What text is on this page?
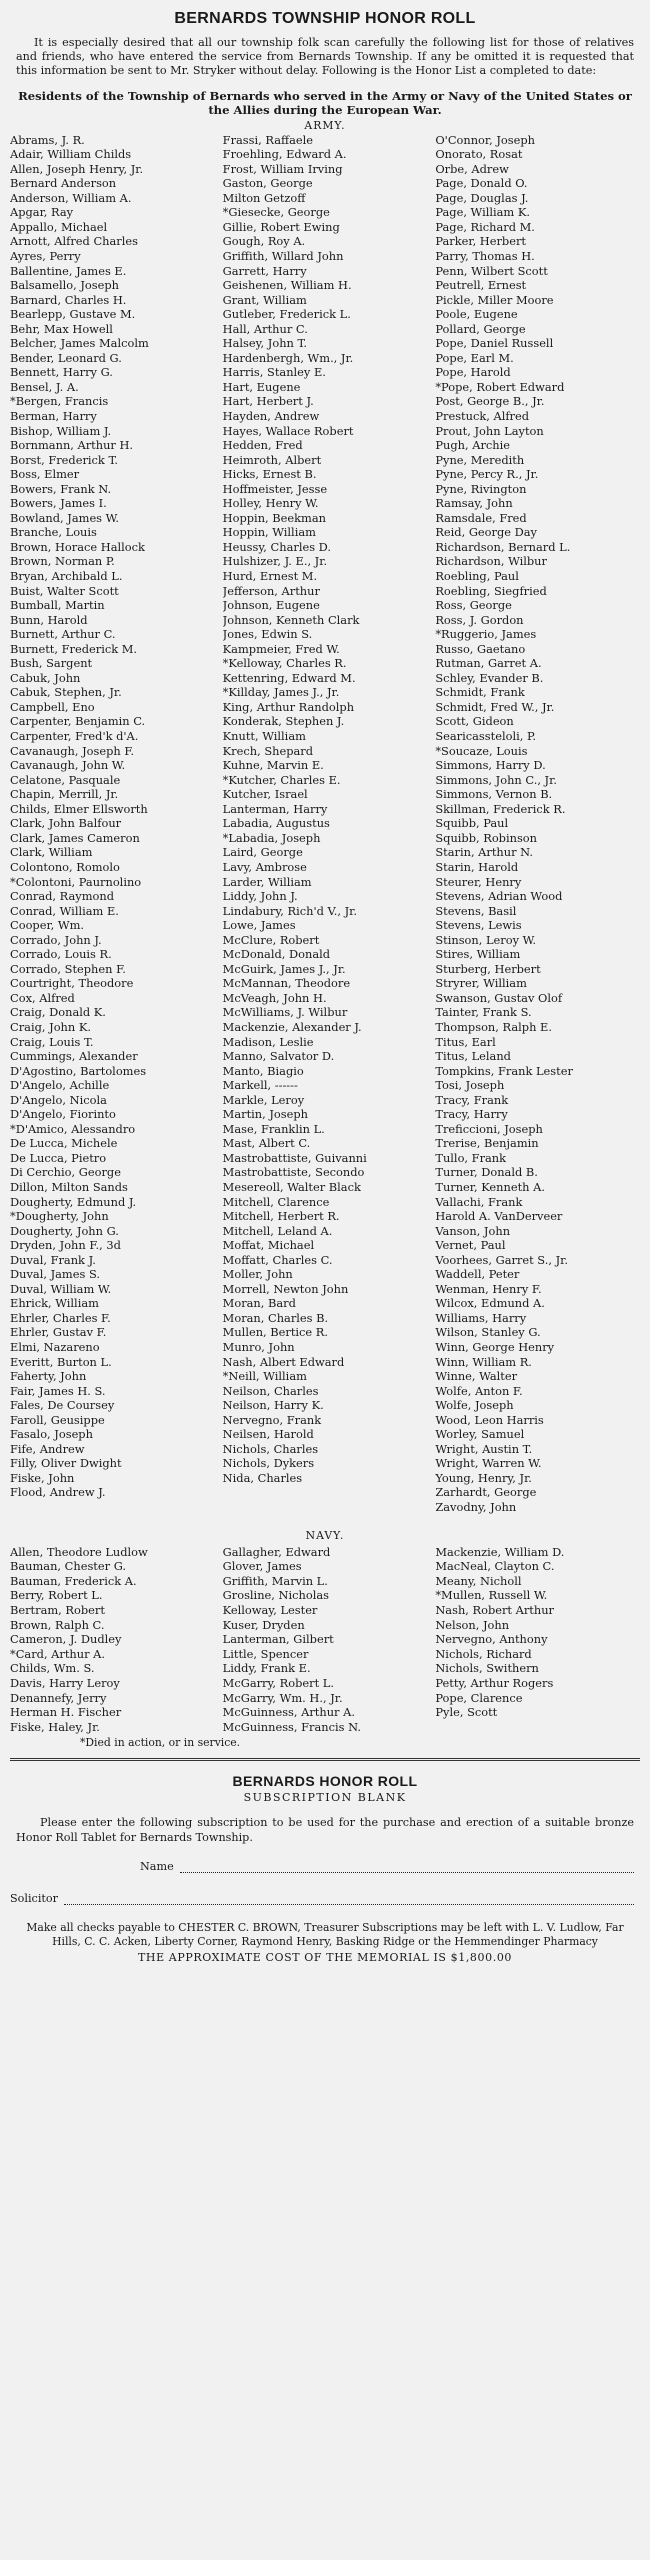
BERNARDS TOWNSHIP HONOR ROLL

It is especially desired that all our township folk scan carefully the following list for those of relatives and friends, who have entered the service from Bernards Township. If any be omitted it is requested that this information be sent to Mr. Stryker without delay. Following is the Honor List a completed to date:

Residents of the Township of Bernards who served in the Army or Navy of the United States or the Allies during the European War.

ARMY.
Abrams, J. R.
Adair, William Childs
Allen, Joseph Henry, Jr.
Bernard Anderson
Anderson, William A.
Apgar, Ray
Appallo, Michael
Arnott, Alfred Charles
Ayres, Perry
Ballentine, James E.
Balsamello, Joseph
Barnard, Charles H.
Bearlepp, Gustave M.
Behr, Max Howell
Belcher, James Malcolm
Bender, Leonard G.
Bennett, Harry G.
Bensel, J. A.
*Bergen, Francis
Berman, Harry
Bishop, William J.
Bornmann, Arthur H.
Borst, Frederick T.
Boss, Elmer
Bowers, Frank N.
Bowers, James I.
Bowland, James W.
Branche, Louis
Brown, Horace Hallock
Brown, Norman P.
Bryan, Archibald L.
Buist, Walter Scott
Bumball, Martin
Bunn, Harold
Burnett, Arthur C.
Burnett, Frederick M.
Bush, Sargent
Cabuk, John
Cabuk, Stephen, Jr.
Campbell, Eno
Carpenter, Benjamin C.
Carpenter, Fred'k d'A.
Cavanaugh, Joseph F.
Cavanaugh, John W.
Celatone, Pasquale
Chapin, Merrill, Jr.
Childs, Elmer Ellsworth
Clark, John Balfour
Clark, James Cameron
Clark, William
Colontono, Romolo
*Colontoni, Paurnolino
Conrad, Raymond
Conrad, William E.
Cooper, Wm.
Corrado, John J.
Corrado, Louis R.
Corrado, Stephen F.
Courtright, Theodore
Cox, Alfred
Craig, Donald K.
Craig, John K.
Craig, Louis T.
Cummings, Alexander
D'Agostino, Bartolomes
D'Angelo, Achille
D'Angelo, Nicola
D'Angelo, Fiorinto
*D'Amico, Alessandro
De Lucca, Michele
De Lucca, Pietro
Di Cerchio, George
Dillon, Milton Sands
Dougherty, Edmund J.
*Dougherty, John
Dougherty, John G.
Dryden, John F., 3d
Duval, Frank J.
Duval, James S.
Duval, William W.
Ehrick, William
Ehrler, Charles F.
Ehrler, Gustav F.
Elmi, Nazareno
Everitt, Burton L.
Faherty, John
Fair, James H. S.
Fales, De Coursey
Faroll, Geusippe
Fasalo, Joseph
Fife, Andrew
Filly, Oliver Dwight
Fiske, John
Flood, Andrew J.
Frassi, Raffaele
Froehling, Edward A.
Frost, William Irving
Gaston, George
Milton Getzoff
*Giesecke, George
Gillie, Robert Ewing
Gough, Roy A.
Griffith, Willard John
Garrett, Harry
Geishenen, William H.
Grant, William
Gutleber, Frederick L.
Hall, Arthur C.
Halsey, John T.
Hardenbergh, Wm., Jr.
Harris, Stanley E.
Hart, Eugene
Hart, Herbert J.
Hayden, Andrew
Hayes, Wallace Robert
Hedden, Fred
Heimroth, Albert
Hicks, Ernest B.
Hoffmeister, Jesse
Holley, Henry W.
Hoppin, Beekman
Hoppin, William
Heussy, Charles D.
Hulshizer, J. E., Jr.
Hurd, Ernest M.
Jefferson, Arthur
Johnson, Eugene
Johnson, Kenneth Clark
Jones, Edwin S.
Kampmeier, Fred W.
*Kelloway, Charles R.
Kettenring, Edward M.
*Killday, James J., Jr.
King, Arthur Randolph
Konderak, Stephen J.
Knutt, William
Krech, Shepard
Kuhne, Marvin E.
*Kutcher, Charles E.
Kutcher, Israel
Lanterman, Harry
Labadia, Augustus
*Labadia, Joseph
Laird, George
Lavy, Ambrose
Larder, William
Liddy, John J.
Lindabury, Rich'd V., Jr.
Lowe, James
McClure, Robert
McDonald, Donald
McGuirk, James J., Jr.
McMannan, Theodore
McVeagh, John H.
McWilliams, J. Wilbur
Mackenzie, Alexander J.
Madison, Leslie
Manno, Salvator D.
Manto, Biagio
Markell, ------
Markle, Leroy
Martin, Joseph
Mase, Franklin L.
Mast, Albert C.
Mastrobattiste, Guivanni
Mastrobattiste, Secondo
Mesereoll, Walter Black
Mitchell, Clarence
Mitchell, Herbert R.
Mitchell, Leland A.
Moffat, Michael
Moffatt, Charles C.
Moller, John
Morrell, Newton John
Moran, Bard
Moran, Charles B.
Mullen, Bertice R.
Munro, John
Nash, Albert Edward
*Neill, William
Neilson, Charles
Neilson, Harry K.
Nervegno, Frank
Neilsen, Harold
Nichols, Charles
Nichols, Dykers
Nida, Charles
O'Connor, Joseph
Onorato, Rosat
Orbe, Adrew
Page, Donald O.
Page, Douglas J.
Page, William K.
Page, Richard M.
Parker, Herbert
Parry, Thomas H.
Penn, Wilbert Scott
Peutrell, Ernest
Pickle, Miller Moore
Poole, Eugene
Pollard, George
Pope, Daniel Russell
Pope, Earl M.
Pope, Harold
*Pope, Robert Edward
Post, George B., Jr.
Prestuck, Alfred
Prout, John Layton
Pugh, Archie
Pyne, Meredith
Pyne, Percy R., Jr.
Pyne, Rivington
Ramsay, John
Ramsdale, Fred
Reid, George Day
Richardson, Bernard L.
Richardson, Wilbur
Roebling, Paul
Roebling, Siegfried
Ross, George
Ross, J. Gordon
*Ruggerio, James
Russo, Gaetano
Rutman, Garret A.
Schley, Evander B.
Schmidt, Frank
Schmidt, Fred W., Jr.
Scott, Gideon
Searicassteloli, P.
*Soucaze, Louis
Simmons, Harry D.
Simmons, John C., Jr.
Simmons, Vernon B.
Skillman, Frederick R.
Squibb, Paul
Squibb, Robinson
Starin, Arthur N.
Starin, Harold
Steurer, Henry
Stevens, Adrian Wood
Stevens, Basil
Stevens, Lewis
Stinson, Leroy W.
Stires, William
Sturberg, Herbert
Stryrer, William
Swanson, Gustav Olof
Tainter, Frank S.
Thompson, Ralph E.
Titus, Earl
Titus, Leland
Tompkins, Frank Lester
Tosi, Joseph
Tracy, Frank
Tracy, Harry
Treficcioni, Joseph
Trerise, Benjamin
Tullo, Frank
Turner, Donald B.
Turner, Kenneth A.
Vallachi, Frank
Harold A. VanDerveer
Vanson, John
Vernet, Paul
Voorhees, Garret S., Jr.
Waddell, Peter
Wenman, Henry F.
Wilcox, Edmund A.
Williams, Harry
Wilson, Stanley G.
Winn, George Henry
Winn, William R.
Winne, Walter
Wolfe, Anton F.
Wolfe, Joseph
Wood, Leon Harris
Worley, Samuel
Wright, Austin T.
Wright, Warren W.
Young, Henry, Jr.
Zarhardt, George
Zavodny, John
NAVY.
Allen, Theodore Ludlow
Bauman, Chester G.
Bauman, Frederick A.
Berry, Robert L.
Bertram, Robert
Brown, Ralph C.
Cameron, J. Dudley
*Card, Arthur A.
Childs, Wm. S.
Davis, Harry Leroy
Denannefy, Jerry
Herman H. Fischer
Fiske, Haley, Jr.
Gallagher, Edward
Glover, James
Griffith, Marvin L.
Grosline, Nicholas
Kelloway, Lester
Kuser, Dryden
Lanterman, Gilbert
Little, Spencer
Liddy, Frank E.
McGarry, Robert L.
McGarry, Wm. H., Jr.
McGuinness, Arthur A.
McGuinness, Francis N.
Mackenzie, William D.
MacNeal, Clayton C.
Meany, Nicholl
*Mullen, Russell W.
Nash, Robert Arthur
Nelson, John
Nervegno, Anthony
Nichols, Richard
Nichols, Swithern
Petty, Arthur Rogers
Pope, Clarence
Pyle, Scott
*Died in action, or in service.
BERNARDS HONOR ROLL
SUBSCRIPTION BLANK

Please enter the following subscription to be used for the purchase and erection of a suitable bronze Honor Roll Tablet for Bernards Township.

Name
Solicitor

Make all checks payable to CHESTER C. BROWN, Treasurer Subscriptions may be left with L. V. Ludlow, Far Hills, C. C. Acken, Liberty Corner, Raymond Henry, Basking Ridge or the Hemmendinger Pharmacy

THE APPROXIMATE COST OF THE MEMORIAL IS $1,800.00
